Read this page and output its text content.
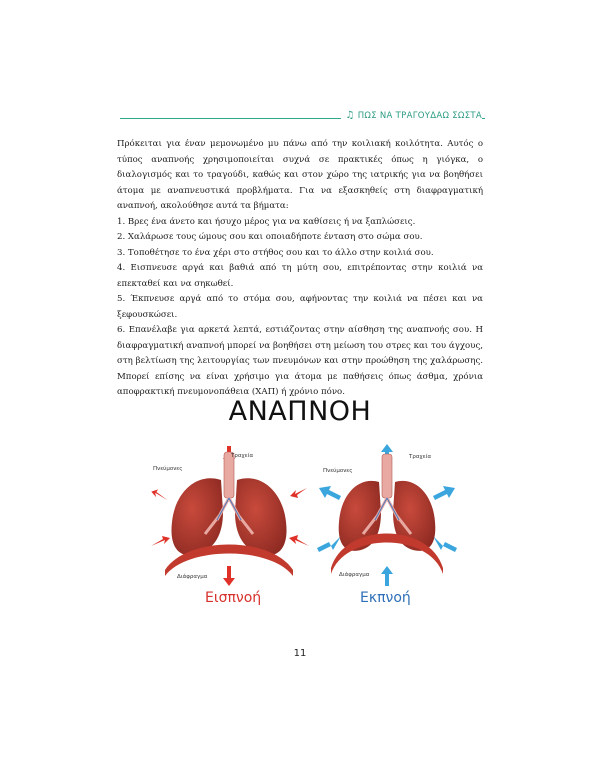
♫ ΠΩΣ ΝΑ ΤΡΑΓΟΥΔΑΩ ΣΩΣΤΑ

Πρόκειται για έναν μεμονωμένο μυ πάνω από την κοιλιακή κοιλότητα. Αυτός ο τύπος αναπνοής χρησιμοποιείται συχνά σε πρακτικές όπως η γιόγκα, ο διαλογισμός και το τραγούδι, καθώς και στον χώρο της ιατρικής για να βοηθήσει άτομα με αναπνευστικά προβλήματα. Για να εξασκηθείς στη διαφραγματική αναπνοή, ακολούθησε αυτά τα βήματα:

1. Βρες ένα άνετο και ήσυχο μέρος για να καθίσεις ή να ξαπλώσεις.

2. Χαλάρωσε τους ώμους σου και οποιαδήποτε ένταση στο σώμα σου.

3. Τοποθέτησε το ένα χέρι στο στήθος σου και το άλλο στην κοιλιά σου.

4. Εισπνευσε αργά και βαθιά από τη μύτη σου, επιτρέποντας στην κοιλιά να επεκταθεί και να σηκωθεί.

5. Έκπνευσε αργά από το στόμα σου, αφήνοντας την κοιλιά να πέσει και να ξεφουσκώσει.

6. Επανέλαβε για αρκετά λεπτά, εστιάζοντας στην αίσθηση της αναπνοής σου. Η διαφραγματική αναπνοή μπορεί να βοηθήσει στη μείωση του στρες και του άγχους, στη βελτίωση της λειτουργίας των πνευμόνων και στην προώθηση της χαλάρωσης. Μπορεί επίσης να είναι χρήσιμο για άτομα με παθήσεις όπως άσθμα, χρόνια αποφρακτική πνευμονοπάθεια (ΧΑΠ) ή χρόνιο πόνο.

ΑΝΑΠΝΟΗ
Τραχεία
Πνεύμονες
Διάφραγμα
Τραχεία
Πνεύμονες
Διάφραγμα
Εισπνοή	Εκπνοή
11
